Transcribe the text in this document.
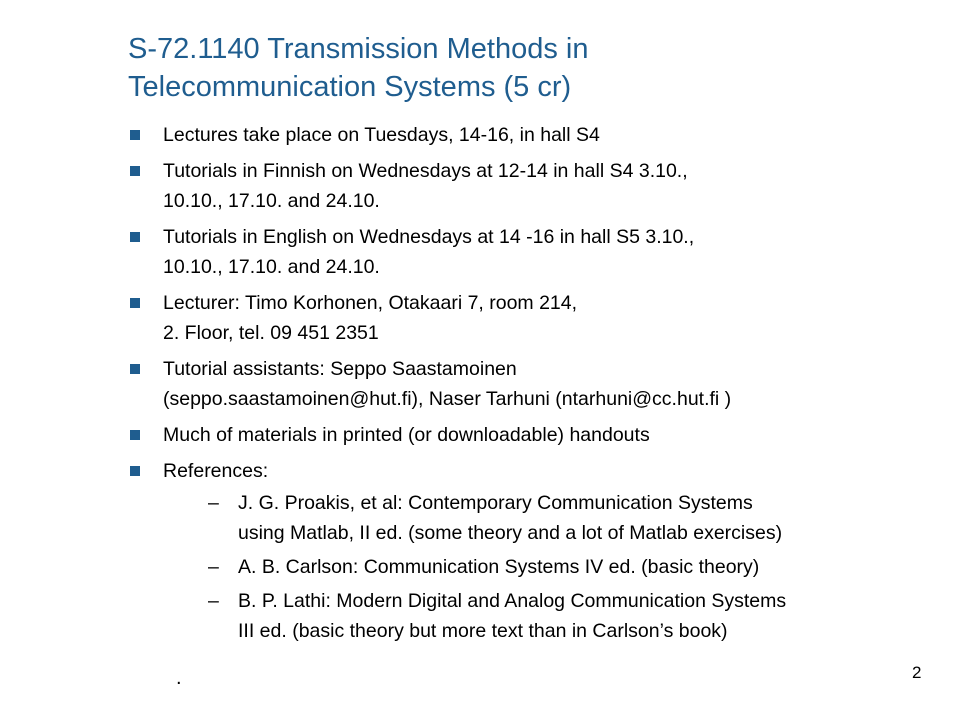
S-72.1140 Transmission Methods in
Telecommunication Systems (5 cr)
Lectures take place on Tuesdays, 14-16, in hall S4
Tutorials in Finnish on Wednesdays at 12-14 in hall S4 3.10.,
10.10., 17.10. and 24.10.
Tutorials in English on Wednesdays at 14 -16 in hall S5 3.10.,
10.10., 17.10. and 24.10.
Lecturer: Timo Korhonen, Otakaari 7, room 214,
2. Floor, tel. 09 451 2351
Tutorial assistants: Seppo Saastamoinen
(seppo.saastamoinen@hut.fi), Naser Tarhuni (ntarhuni@cc.hut.fi )
Much of materials in printed (or downloadable) handouts
References:
– J. G. Proakis, et al: Contemporary Communication Systems
using Matlab, II ed. (some theory and a lot of Matlab exercises)
– A. B. Carlson: Communication Systems IV ed. (basic theory)
– B. P. Lathi: Modern Digital and Analog Communication Systems
III ed. (basic theory but more text than in Carlson’s book)
.	2
